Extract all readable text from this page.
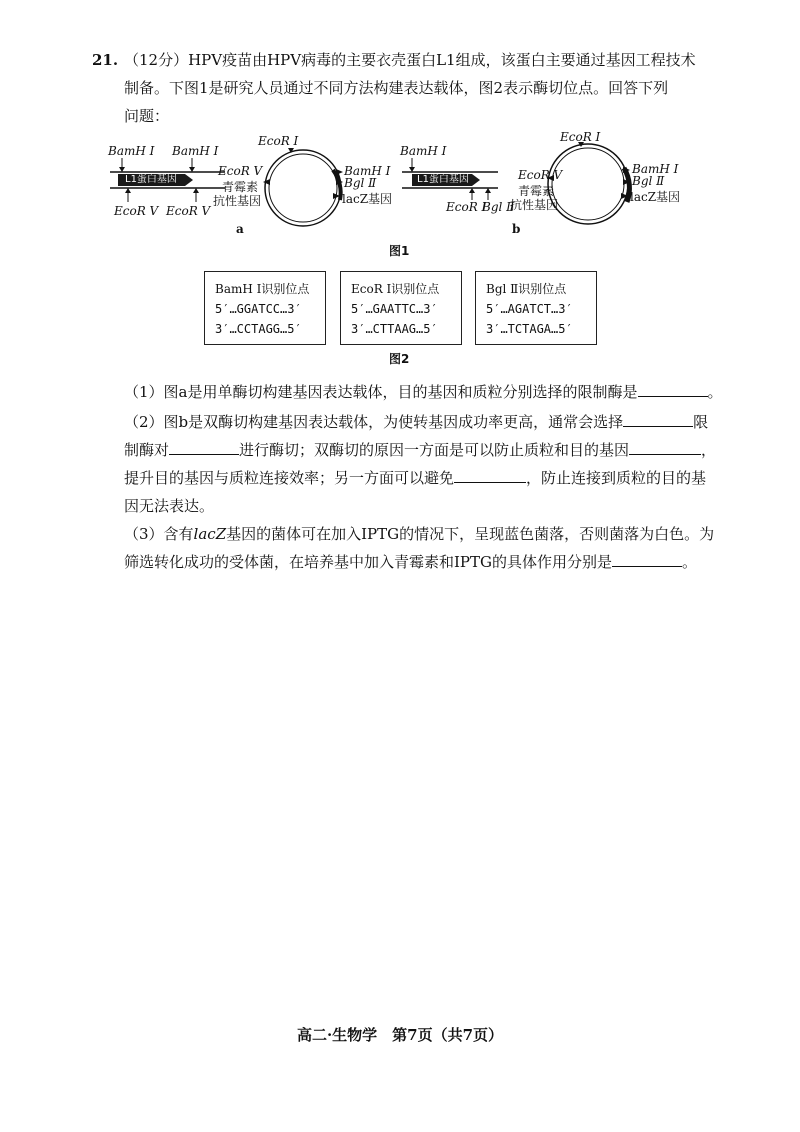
21. （12分）HPV疫苗由HPV病毒的主要衣壳蛋白L1组成，该蛋白主要通过基因工程技术
制备。下图1是研究人员通过不同方法构建表达载体，图2表示酶切位点。回答下列
问题：
L1蛋白基因
BamH Ⅰ BamH Ⅰ
EcoR Ⅴ EcoR Ⅴ
EcoR Ⅴ
青霉素
抗性基因
EcoR Ⅰ
BamH Ⅰ
Bgl Ⅱ
lacZ基因
a
L1蛋白基因
BamH Ⅰ
EcoR Ⅰ
Bgl Ⅱ
EcoR Ⅴ
青霉素
抗性基因
EcoR Ⅰ
BamH Ⅰ
Bgl Ⅱ
lacZ基因
b
图1
BamH Ⅰ识别位点
5′…GGATCC…3′
3′…CCTAGG…5′
EcoR Ⅰ识别位点
5′…GAATTC…3′
3′…CTTAAG…5′
Bgl Ⅱ识别位点
5′…AGATCT…3′
3′…TCTAGA…5′
图2
（1）图a是用单酶切构建基因表达载体，目的基因和质粒分别选择的限制酶是	。
（2）图b是双酶切构建基因表达载体，为使转基因成功率更高，通常会选择	限
制酶对	进行酶切；双酶切的原因一方面是可以防止质粒和目的基因	，
提升目的基因与质粒连接效率；另一方面可以避免	，防止连接到质粒的目的基
因无法表达。
（3）含有lacZ基因的菌体可在加入IPTG的情况下，呈现蓝色菌落，否则菌落为白色。为
筛选转化成功的受体菌，在培养基中加入青霉素和IPTG的具体作用分别是	。
高二·生物学　第7页（共7页）
